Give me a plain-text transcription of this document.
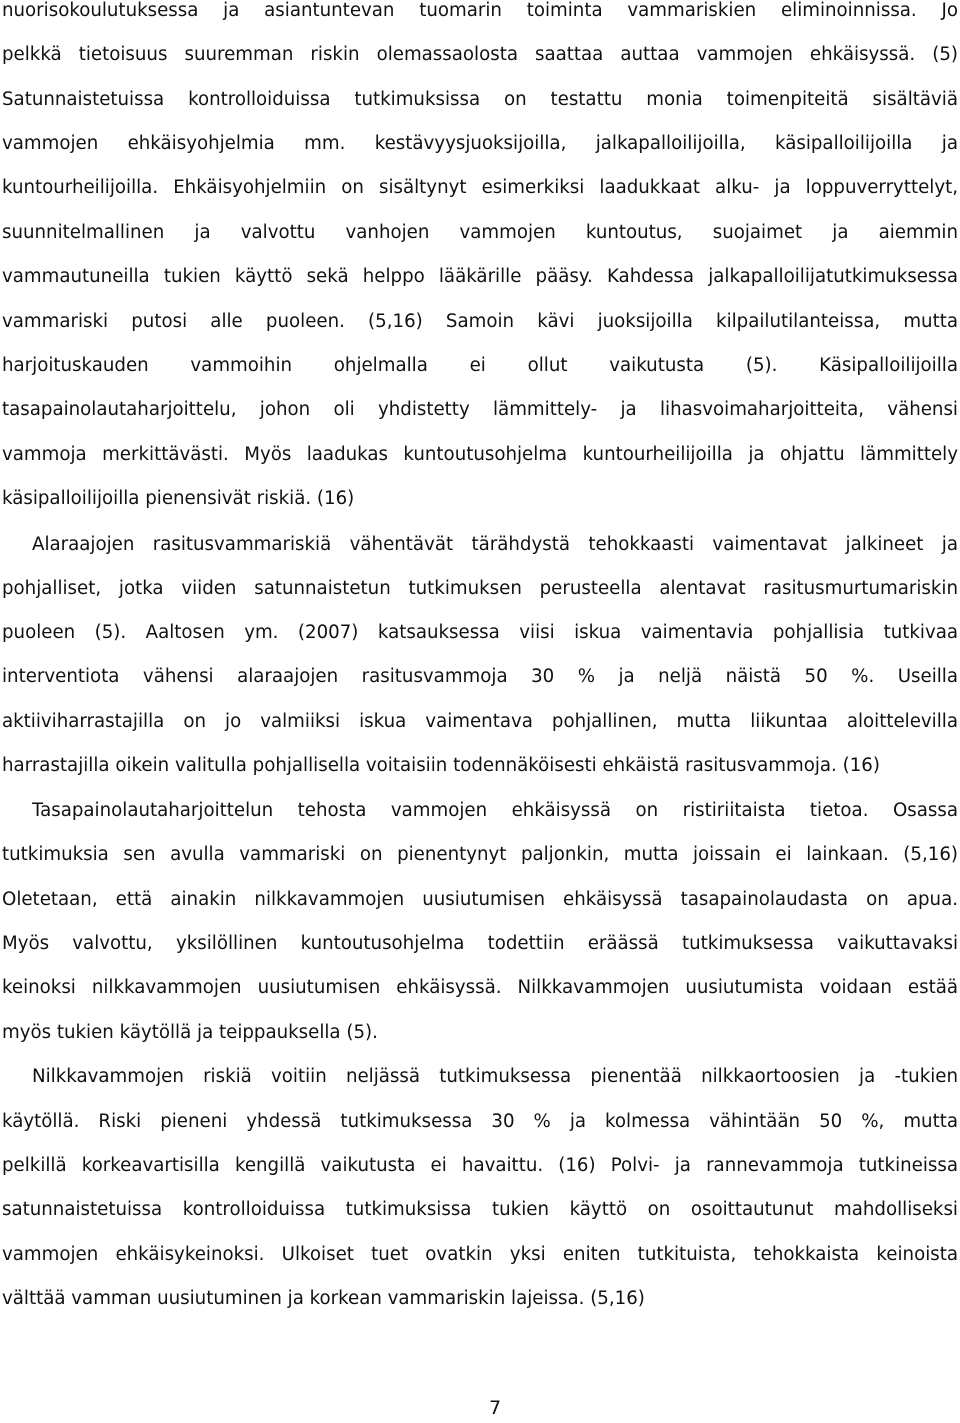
nuorisokoulutuksessa ja asiantuntevan tuomarin toiminta vammariskien eliminoinnissa. Jo
pelkkä tietoisuus suuremman riskin olemassaolosta saattaa auttaa vammojen ehkäisyssä. (5)
Satunnaistetuissa kontrolloiduissa tutkimuksissa on testattu monia toimenpiteitä sisältäviä
vammojen ehkäisyohjelmia mm. kestävyysjuoksijoilla, jalkapalloilijoilla, käsipalloilijoilla ja
kuntourheilijoilla. Ehkäisyohjelmiin on sisältynyt esimerkiksi laadukkaat alku- ja loppuverryttelyt,
suunnitelmallinen ja valvottu vanhojen vammojen kuntoutus, suojaimet ja aiemmin
vammautuneilla tukien käyttö sekä helppo lääkärille pääsy. Kahdessa jalkapalloilijatutkimuksessa
vammariski putosi alle puoleen. (5,16) Samoin kävi juoksijoilla kilpailutilanteissa, mutta
harjoituskauden vammoihin ohjelmalla ei ollut vaikutusta (5). Käsipalloilijoilla
tasapainolautaharjoittelu, johon oli yhdistetty lämmittely- ja lihasvoimaharjoitteita, vähensi
vammoja merkittävästi. Myös laadukas kuntoutusohjelma kuntourheilijoilla ja ohjattu lämmittely
käsipalloilijoilla pienensivät riskiä. (16)
Alaraajojen rasitusvammariskiä vähentävät tärähdystä tehokkaasti vaimentavat jalkineet ja
pohjalliset, jotka viiden satunnaistetun tutkimuksen perusteella alentavat rasitusmurtumariskin
puoleen (5). Aaltosen ym. (2007) katsauksessa viisi iskua vaimentavia pohjallisia tutkivaa
interventiota vähensi alaraajojen rasitusvammoja 30 % ja neljä näistä 50 %. Useilla
aktiiviharrastajilla on jo valmiiksi iskua vaimentava pohjallinen, mutta liikuntaa aloittelevilla
harrastajilla oikein valitulla pohjallisella voitaisiin todennäköisesti ehkäistä rasitusvammoja. (16)
Tasapainolautaharjoittelun tehosta vammojen ehkäisyssä on ristiriitaista tietoa. Osassa
tutkimuksia sen avulla vammariski on pienentynyt paljonkin, mutta joissain ei lainkaan. (5,16)
Oletetaan, että ainakin nilkkavammojen uusiutumisen ehkäisyssä tasapainolaudasta on apua.
Myös valvottu, yksilöllinen kuntoutusohjelma todettiin eräässä tutkimuksessa vaikuttavaksi
keinoksi nilkkavammojen uusiutumisen ehkäisyssä. Nilkkavammojen uusiutumista voidaan estää
myös tukien käytöllä ja teippauksella (5).
Nilkkavammojen riskiä voitiin neljässä tutkimuksessa pienentää nilkkaortoosien ja -tukien
käytöllä. Riski pieneni yhdessä tutkimuksessa 30 % ja kolmessa vähintään 50 %, mutta
pelkillä korkeavartisilla kengillä vaikutusta ei havaittu. (16) Polvi- ja rannevammoja tutkineissa
satunnaistetuissa kontrolloiduissa tutkimuksissa tukien käyttö on osoittautunut mahdolliseksi
vammojen ehkäisykeinoksi. Ulkoiset tuet ovatkin yksi eniten tutkituista, tehokkaista keinoista
välttää vamman uusiutuminen ja korkean vammariskin lajeissa. (5,16)
7
